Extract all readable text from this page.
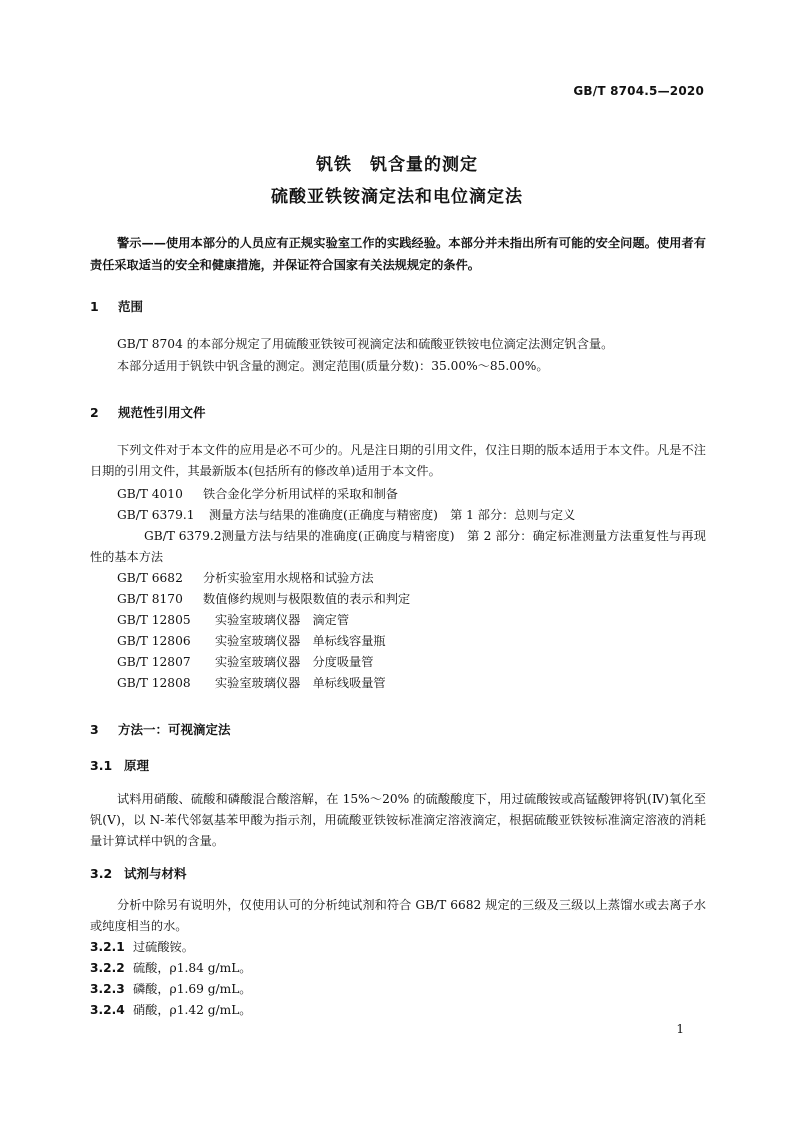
GB/T 8704.5—2020
钒铁　钒含量的测定
硫酸亚铁铵滴定法和电位滴定法
警示——使用本部分的人员应有正规实验室工作的实践经验。本部分并未指出所有可能的安全问题。使用者有责任采取适当的安全和健康措施，并保证符合国家有关法规规定的条件。
1 范围
GB/T 8704 的本部分规定了用硫酸亚铁铵可视滴定法和硫酸亚铁铵电位滴定法测定钒含量。
本部分适用于钒铁中钒含量的测定。测定范围(质量分数)：35.00%～85.00%。
2 规范性引用文件
下列文件对于本文件的应用是必不可少的。凡是注日期的引用文件，仅注日期的版本适用于本文件。凡是不注日期的引用文件，其最新版本(包括所有的修改单)适用于本文件。
GB/T 4010 铁合金化学分析用试样的采取和制备
GB/T 6379.1 测量方法与结果的准确度(正确度与精密度)　第 1 部分：总则与定义
GB/T 6379.2测量方法与结果的准确度(正确度与精密度)　第 2 部分：确定标准测量方法重复性与再现性的基本方法
GB/T 6682 分析实验室用水规格和试验方法
GB/T 8170 数值修约规则与极限数值的表示和判定
GB/T 12805 实验室玻璃仪器　滴定管
GB/T 12806 实验室玻璃仪器　单标线容量瓶
GB/T 12807 实验室玻璃仪器　分度吸量管
GB/T 12808 实验室玻璃仪器　单标线吸量管
3 方法一：可视滴定法
3.1 原理
试料用硝酸、硫酸和磷酸混合酸溶解，在 15%～20% 的硫酸酸度下，用过硫酸铵或高锰酸钾将钒(Ⅳ)氧化至钒(Ⅴ)，以 N-苯代邻氨基苯甲酸为指示剂，用硫酸亚铁铵标准滴定溶液滴定，根据硫酸亚铁铵标准滴定溶液的消耗量计算试样中钒的含量。
3.2 试剂与材料
分析中除另有说明外，仅使用认可的分析纯试剂和符合 GB/T 6682 规定的三级及三级以上蒸馏水或去离子水或纯度相当的水。
3.2.1 过硫酸铵。
3.2.2 硫酸，ρ1.84 g/mL。
3.2.3 磷酸，ρ1.69 g/mL。
3.2.4 硝酸，ρ1.42 g/mL。
1
